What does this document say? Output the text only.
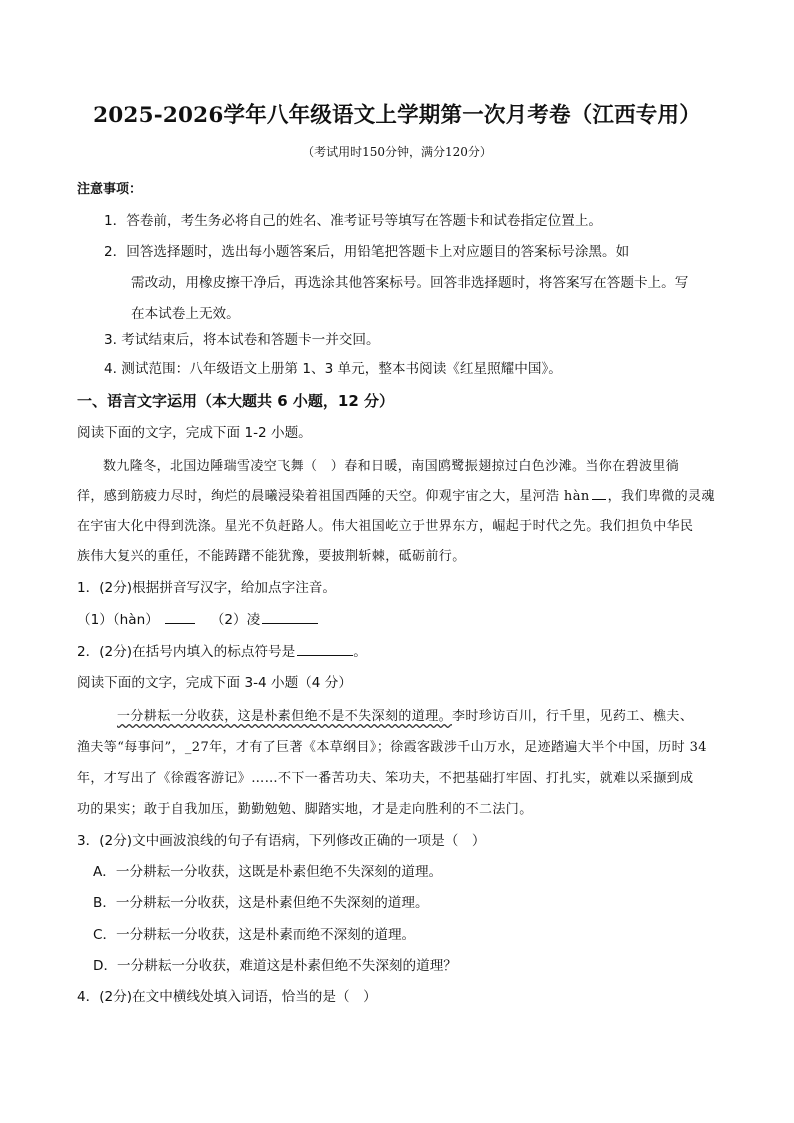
2025-2026学年八年级语文上学期第一次月考卷（江西专用）
（考试用时150分钟，满分120分）
注意事项：
1．答卷前，考生务必将自己的姓名、准考证号等填写在答题卡和试卷指定位置上。
2．回答选择题时，选出每小题答案后，用铅笔把答题卡上对应题目的答案标号涂黑。如
需改动，用橡皮擦干净后，再选涂其他答案标号。回答非选择题时，将答案写在答题卡上。写
在本试卷上无效。
3. 考试结束后，将本试卷和答题卡一并交回。
4. 测试范围：八年级语文上册第 1、3 单元，整本书阅读《红星照耀中国》。
一、语言文字运用（本大题共 6 小题，12 分）
阅读下面的文字，完成下面 1-2 小题。
数九隆冬，北国边陲瑞雪凌空飞舞（　）春和日暖，南国鸥鹭振翅掠过白色沙滩。当你在碧波里徜
徉，感到筋疲力尽时，绚烂的晨曦浸染着祖国西陲的天空。仰观宇宙之大，星河浩 hàn ，我们卑微的灵魂
在宇宙大化中得到洗涤。星光不负赶路人。伟大祖国屹立于世界东方，崛起于时代之先。我们担负中华民
族伟大复兴的重任，不能踌躇不能犹豫，要披荆斩棘，砥砺前行。
1．(2分)根据拼音写汉字，给加点字注音。
（1）（hàn）	（2）凌
2．(2分)在括号内填入的标点符号是	。
阅读下面的文字，完成下面 3-4 小题（4 分）
一分耕耘一分收获，这是朴素但绝不是不失深刻的道理。李时珍访百川，行千里，见药工、樵夫、
渔夫等“每事问”，_27年，才有了巨著《本草纲目》；徐霞客跋涉千山万水，足迹踏遍大半个中国，历时 34
年，才写出了《徐霞客游记》……不下一番苦功夫、笨功夫，不把基础打牢固、打扎实，就难以采撷到成
功的果实；敢于自我加压，勤勤勉勉、脚踏实地，才是走向胜利的不二法门。
3．(2分)文中画波浪线的句子有语病，下列修改正确的一项是（　）
A．一分耕耘一分收获，这既是朴素但绝不失深刻的道理。
B．一分耕耘一分收获，这是朴素但绝不失深刻的道理。
C．一分耕耘一分收获，这是朴素而绝不深刻的道理。
D．一分耕耘一分收获，难道这是朴素但绝不失深刻的道理？
4．(2分)在文中横线处填入词语，恰当的是（　）
